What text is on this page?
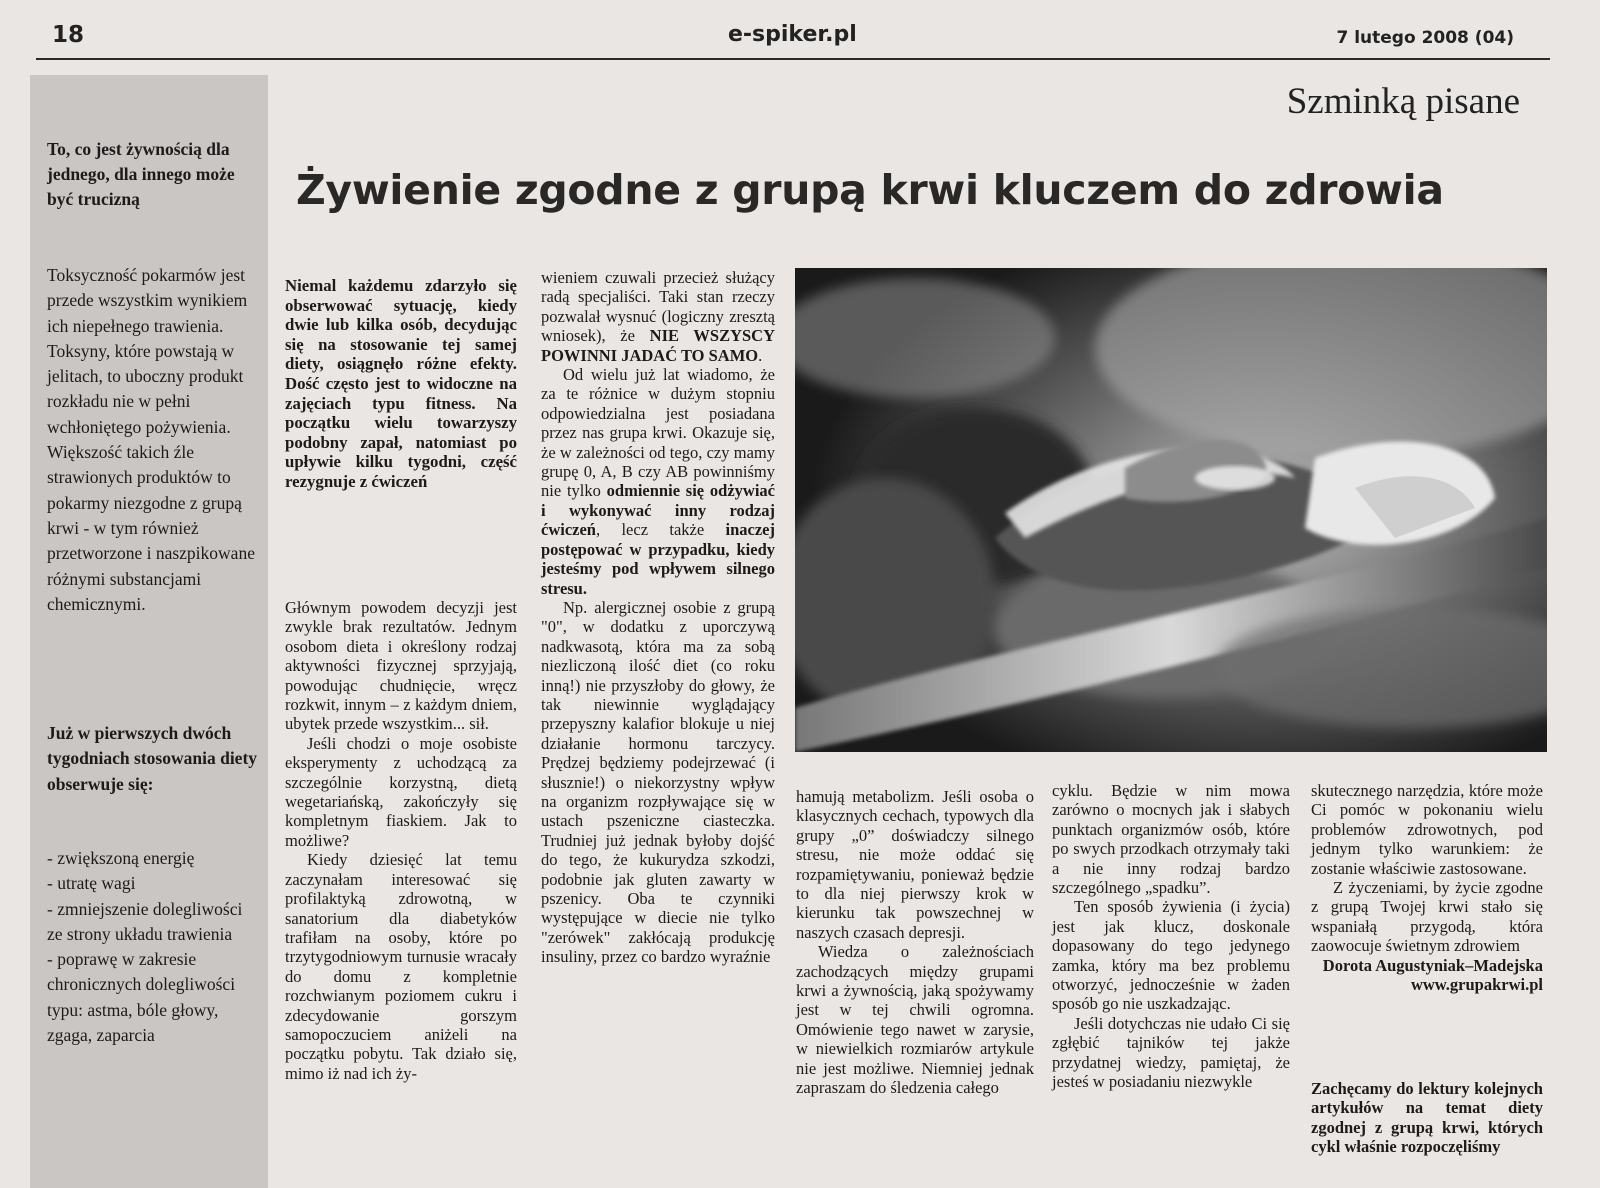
18	e-spiker.pl	7 lutego 2008 (04)
To, co jest żywnością dla jednego, dla innego może być trucizną
Toksyczność pokarmów jest przede wszystkim wynikiem ich niepełnego trawienia. Toksyny, które powstają w jelitach, to uboczny produkt rozkładu nie w pełni wchłoniętego pożywienia. Większość takich źle strawionych produktów to pokarmy niezgodne z grupą krwi - w tym również przetworzone i naszpikowane różnymi substancjami chemicznymi.
Już w pierwszych dwóch tygodniach stosowania diety obserwuje się:
- zwiększoną energię
- utratę wagi
- zmniejszenie dolegliwości ze strony układu trawienia
- poprawę w zakresie chronicznych dolegliwości typu: astma, bóle głowy, zgaga, zaparcia
Szminką pisane
Żywienie zgodne z grupą krwi kluczem do zdrowia
Niemal każdemu zdarzyło się obserwować sytuację, kiedy dwie lub kilka osób, decydując się na stosowanie tej samej diety, osiągnęło różne efekty. Dość często jest to widoczne na zajęciach typu fitness. Na początku wielu towarzyszy podobny zapał, natomiast po upływie kilku tygodni, część rezygnuje z ćwiczeń

Głównym powodem decyzji jest zwykle brak rezultatów. Jednym osobom dieta i określony rodzaj aktywności fizycznej sprzyjają, powodując chudnięcie, wręcz rozkwit, innym – z każdym dniem, ubytek przede wszystkim... sił.

Jeśli chodzi o moje osobiste eksperymenty z uchodzącą za szczególnie korzystną, dietą wegetariańską, zakończyły się kompletnym fiaskiem. Jak to możliwe?

Kiedy dziesięć lat temu zaczynałam interesować się profilaktyką zdrowotną, w sanatorium dla diabetyków trafiłam na osoby, które po trzytygodniowym turnusie wracały do domu z kompletnie rozchwianym poziomem cukru i zdecydowanie gorszym samopoczuciem aniżeli na początku pobytu. Tak działo się, mimo iż nad ich ży-

wieniem czuwali przecież służący radą specjaliści. Taki stan rzeczy pozwalał wysnuć (logiczny zresztą wniosek), że NIE WSZYSCY POWINNI JADAĆ TO SAMO.

Od wielu już lat wiadomo, że za te różnice w dużym stopniu odpowiedzialna jest posiadana przez nas grupa krwi. Okazuje się, że w zależności od tego, czy mamy grupę 0, A, B czy AB powinniśmy nie tylko odmiennie się odżywiać i wykonywać inny rodzaj ćwiczeń, lecz także inaczej postępować w przypadku, kiedy jesteśmy pod wpływem silnego stresu.

Np. alergicznej osobie z grupą "0", w dodatku z uporczywą nadkwasotą, która ma za sobą niezliczoną ilość diet (co roku inną!) nie przyszłoby do głowy, że tak niewinnie wyglądający przepyszny kalafior blokuje u niej działanie hormonu tarczycy. Prędzej będziemy podejrzewać (i słusznie!) o niekorzystny wpływ na organizm rozpływające się w ustach pszeniczne ciasteczka. Trudniej już jednak byłoby dojść do tego, że kukurydza szkodzi, podobnie jak gluten zawarty w pszenicy. Oba te czynniki występujące w diecie nie tylko "zerówek" zakłócają produkcję insuliny, przez co bardzo wyraźnie

hamują metabolizm. Jeśli osoba o klasycznych cechach, typowych dla grupy „0” doświadczy silnego stresu, nie może oddać się rozpamiętywaniu, ponieważ będzie to dla niej pierwszy krok w kierunku tak powszechnej w naszych czasach depresji.

Wiedza o zależnościach zachodzących między grupami krwi a żywnością, jaką spożywamy jest w tej chwili ogromna. Omówienie tego nawet w zarysie, w niewielkich rozmiarów artykule nie jest możliwe. Niemniej jednak zapraszam do śledzenia całego

cyklu. Będzie w nim mowa zarówno o mocnych jak i słabych punktach organizmów osób, które po swych przodkach otrzymały taki a nie inny rodzaj bardzo szczególnego „spadku”.

Ten sposób żywienia (i życia) jest jak klucz, doskonale dopasowany do tego jedynego zamka, który ma bez problemu otworzyć, jednocześnie w żaden sposób go nie uszkadzając.

Jeśli dotychczas nie udało Ci się zgłębić tajników tej jakże przydatnej wiedzy, pamiętaj, że jesteś w posiadaniu niezwykle

skutecznego narzędzia, które może Ci pomóc w pokonaniu wielu problemów zdrowotnych, pod jednym tylko warunkiem: że zostanie właściwie zastosowane.

Z życzeniami, by życie zgodne z grupą Twojej krwi stało się wspaniałą przygodą, która zaowocuje świetnym zdrowiem

Dorota Augustyniak–Madejska
www.grupakrwi.pl
Zachęcamy do lektury kolejnych artykułów na temat diety zgodnej z grupą krwi, których cykl właśnie rozpoczęliśmy
